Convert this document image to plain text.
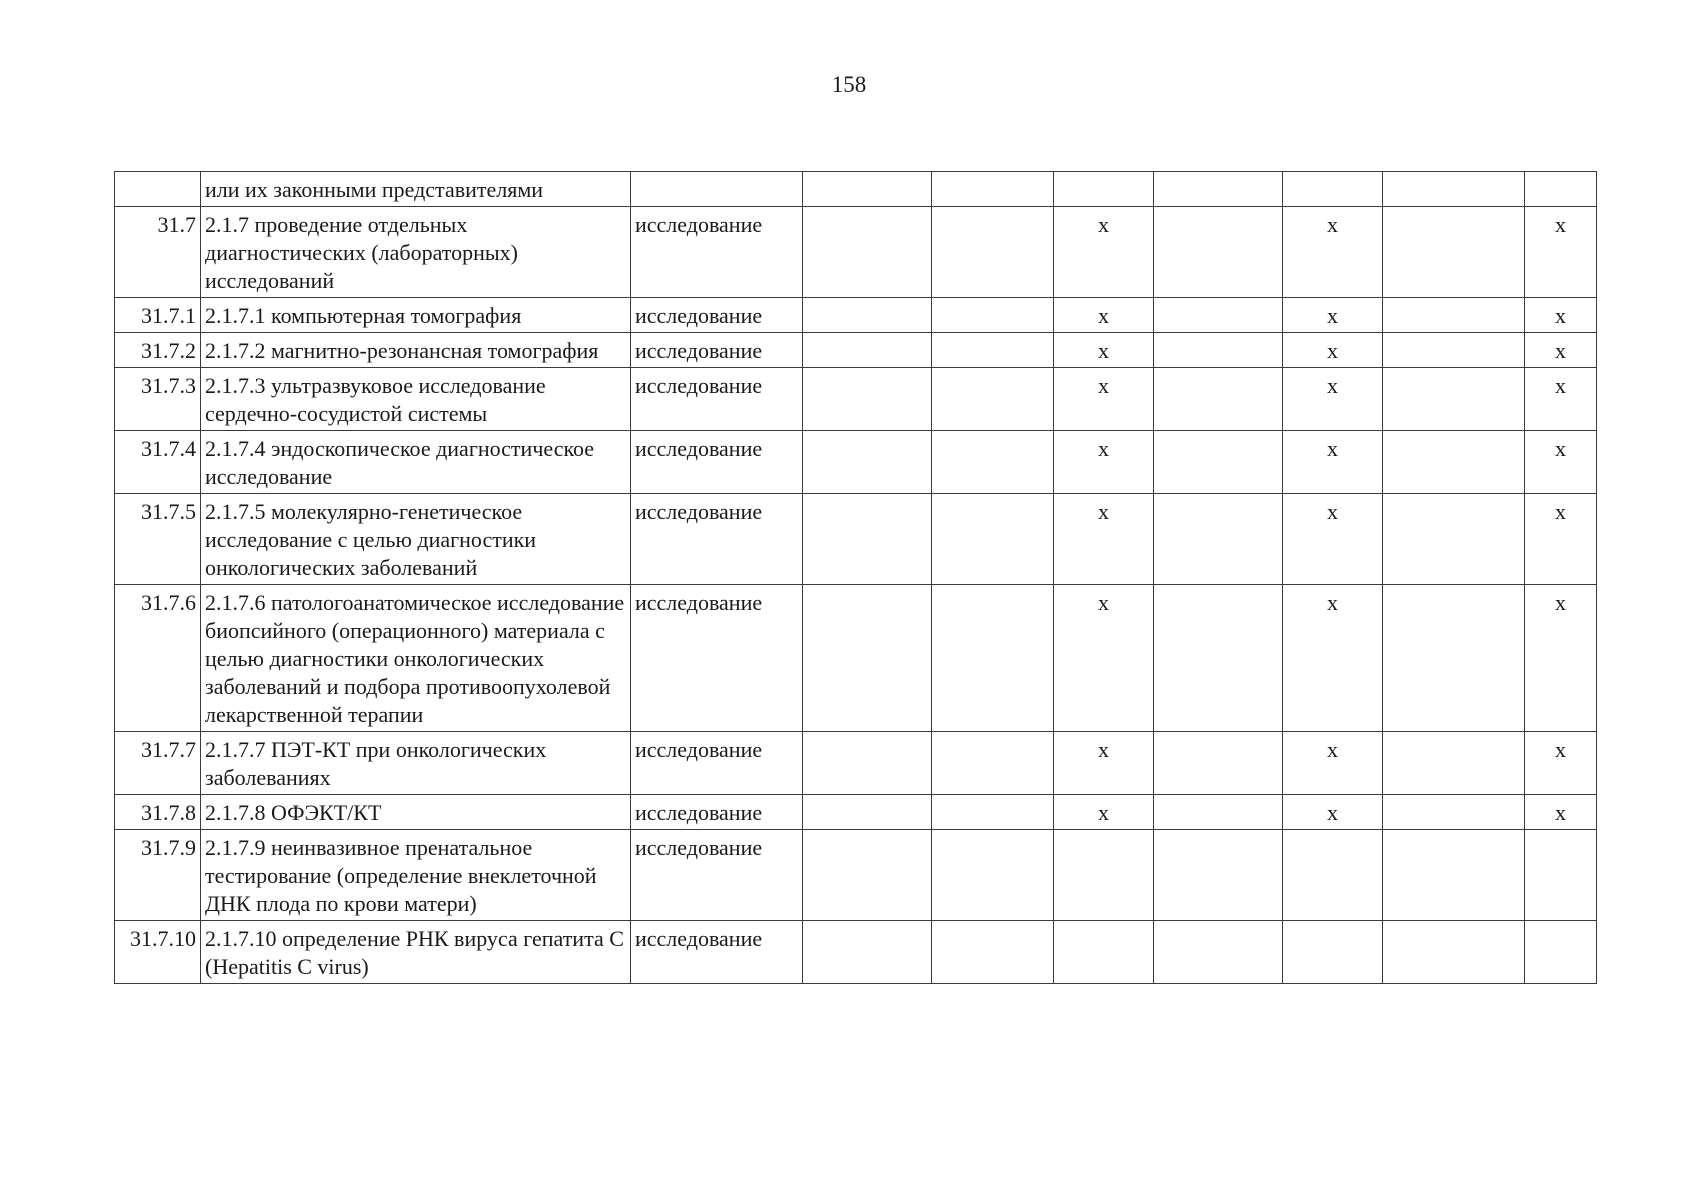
158
	или их законными представителями								
31.7	2.1.7 проведение отдельных диагностических (лабораторных) исследований	исследование			х		х		х
31.7.1	2.1.7.1 компьютерная томография	исследование			х		х		х
31.7.2	2.1.7.2 магнитно-резонансная томография	исследование			х		х		х
31.7.3	2.1.7.3 ультразвуковое исследование сердечно-сосудистой системы	исследование			х		х		х
31.7.4	2.1.7.4 эндоскопическое диагностическое исследование	исследование			х		х		х
31.7.5	2.1.7.5 молекулярно-генетическое исследование с целью диагностики онкологических заболеваний	исследование			х		х		х
31.7.6	2.1.7.6 патологоанатомическое исследование биопсийного (операционного) материала с целью диагностики онкологических заболеваний и подбора противоопухолевой лекарственной терапии	исследование			х		х		х
31.7.7	2.1.7.7 ПЭТ-КТ при онкологических заболеваниях	исследование			х		х		х
31.7.8	2.1.7.8 ОФЭКТ/КТ	исследование			х		х		х
31.7.9	2.1.7.9 неинвазивное пренатальное тестирование (определение внеклеточной ДНК плода по крови матери)	исследование							
31.7.10	2.1.7.10 определение РНК вируса гепатита С (Hepatitis C virus)	исследование							
